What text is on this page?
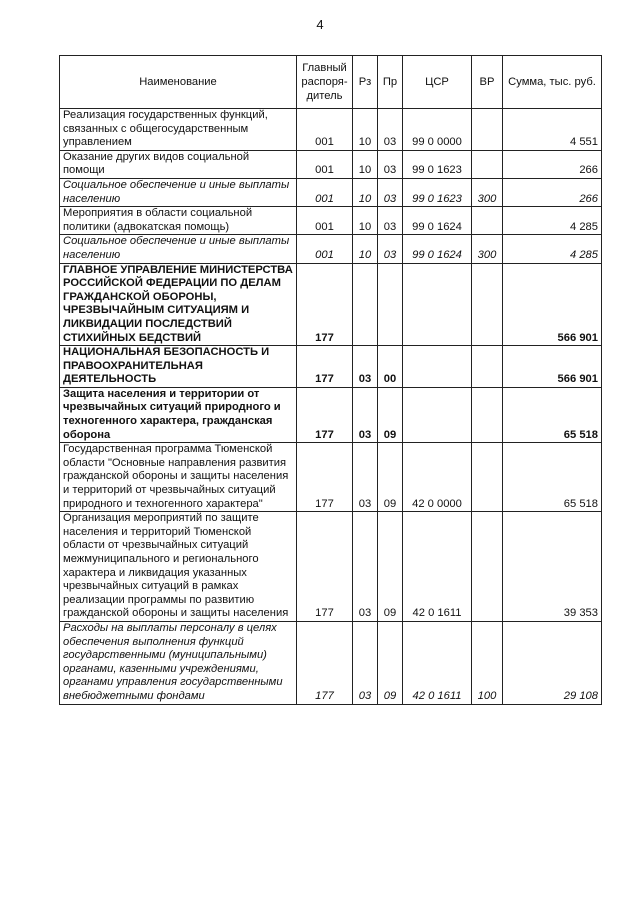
4
Наименование	Главный распоря-дитель	Рз	Пр	ЦСР	ВР	Сумма, тыс. руб.
Реализация государственных функций, связанных с общегосударственным управлением	001	10	03	99 0 0000		4 551
Оказание других видов социальной помощи	001	10	03	99 0 1623		266
Социальное обеспечение и иные выплаты населению	001	10	03	99 0 1623	300	266
Мероприятия в области социальной политики (адвокатская помощь)	001	10	03	99 0 1624		4 285
Социальное обеспечение и иные выплаты населению	001	10	03	99 0 1624	300	4 285
ГЛАВНОЕ УПРАВЛЕНИЕ МИНИСТЕРСТВА РОССИЙСКОЙ ФЕДЕРАЦИИ ПО ДЕЛАМ ГРАЖДАНСКОЙ ОБОРОНЫ, ЧРЕЗВЫЧАЙНЫМ СИТУАЦИЯМ И ЛИКВИДАЦИИ ПОСЛЕДСТВИЙ СТИХИЙНЫХ БЕДСТВИЙ	177					566 901
НАЦИОНАЛЬНАЯ БЕЗОПАСНОСТЬ И ПРАВООХРАНИТЕЛЬНАЯ ДЕЯТЕЛЬНОСТЬ	177	03	00			566 901
Защита населения и территории от чрезвычайных ситуаций природного и техногенного характера, гражданская оборона	177	03	09			65 518
Государственная программа Тюменской области "Основные направления развития гражданской обороны и защиты населения и территорий от чрезвычайных ситуаций природного и техногенного характера"	177	03	09	42 0 0000		65 518
Организация мероприятий по защите населения и территорий Тюменской области от чрезвычайных ситуаций межмуниципального и регионального характера и ликвидация указанных чрезвычайных ситуаций в рамках реализации программы по развитию гражданской обороны и защиты населения	177	03	09	42 0 1611		39 353
Расходы на выплаты персоналу в целях обеспечения выполнения функций государственными (муниципальными) органами, казенными учреждениями, органами управления государственными внебюджетными фондами	177	03	09	42 0 1611	100	29 108
